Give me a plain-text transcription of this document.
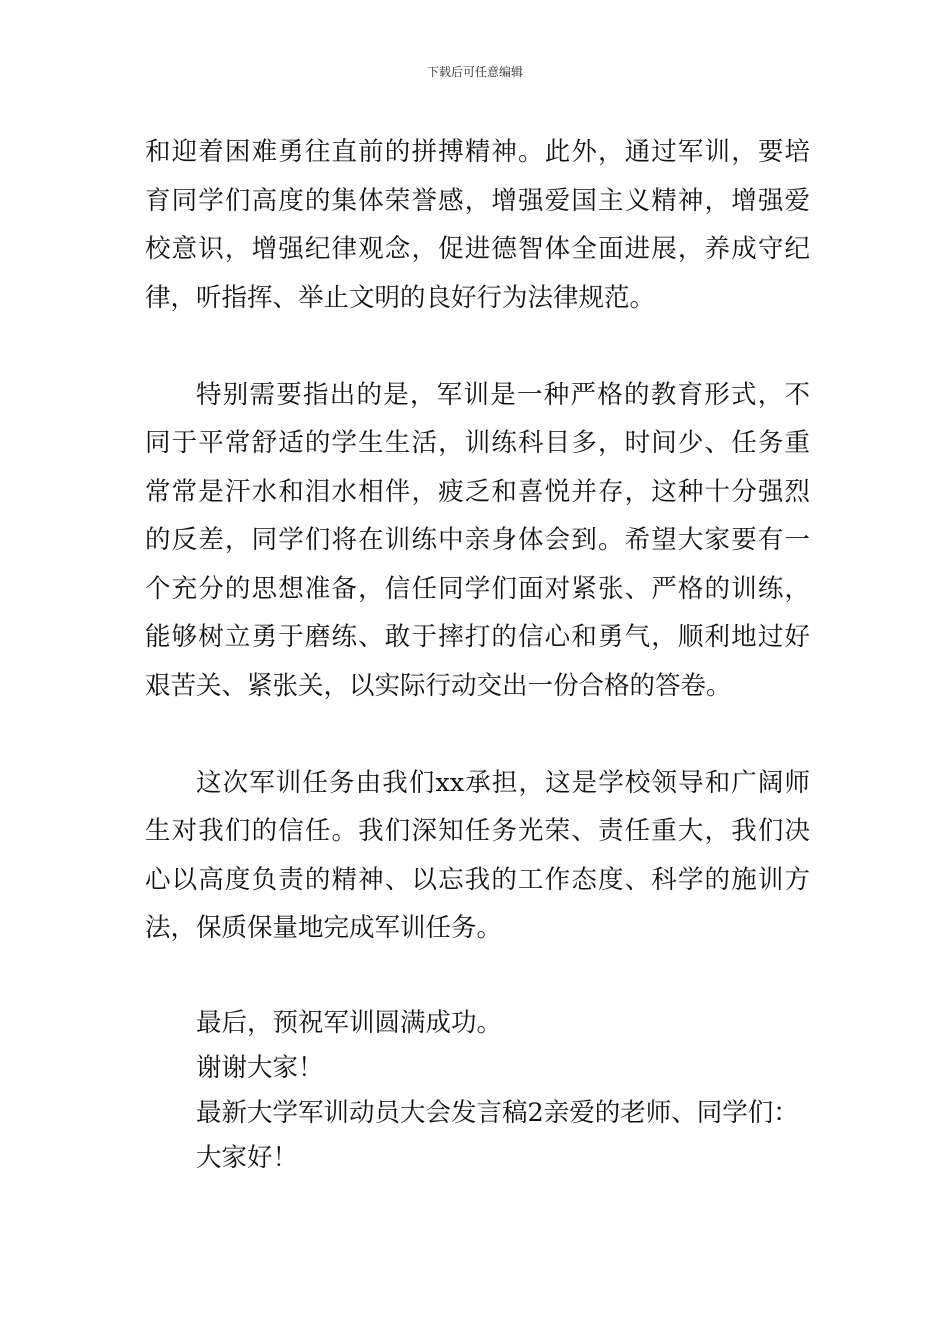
下载后可任意编辑
和迎着困难勇往直前的拼搏精神。此外，通过军训，要培
育同学们高度的集体荣誉感，增强爱国主义精神，增强爱
校意识，增强纪律观念，促进德智体全面进展，养成守纪
律，听指挥、举止文明的良好行为法律规范。
特别需要指出的是，军训是一种严格的教育形式，不
同于平常舒适的学生生活，训练科目多，时间少、任务重
常常是汗水和泪水相伴，疲乏和喜悦并存，这种十分强烈
的反差，同学们将在训练中亲身体会到。希望大家要有一
个充分的思想准备，信任同学们面对紧张、严格的训练，
能够树立勇于磨练、敢于摔打的信心和勇气，顺利地过好
艰苦关、紧张关，以实际行动交出一份合格的答卷。
这次军训任务由我们xx承担，这是学校领导和广阔师
生对我们的信任。我们深知任务光荣、责任重大，我们决
心以高度负责的精神、以忘我的工作态度、科学的施训方
法，保质保量地完成军训任务。
最后，预祝军训圆满成功。
谢谢大家！
最新大学军训动员大会发言稿2亲爱的老师、同学们：
大家好！
